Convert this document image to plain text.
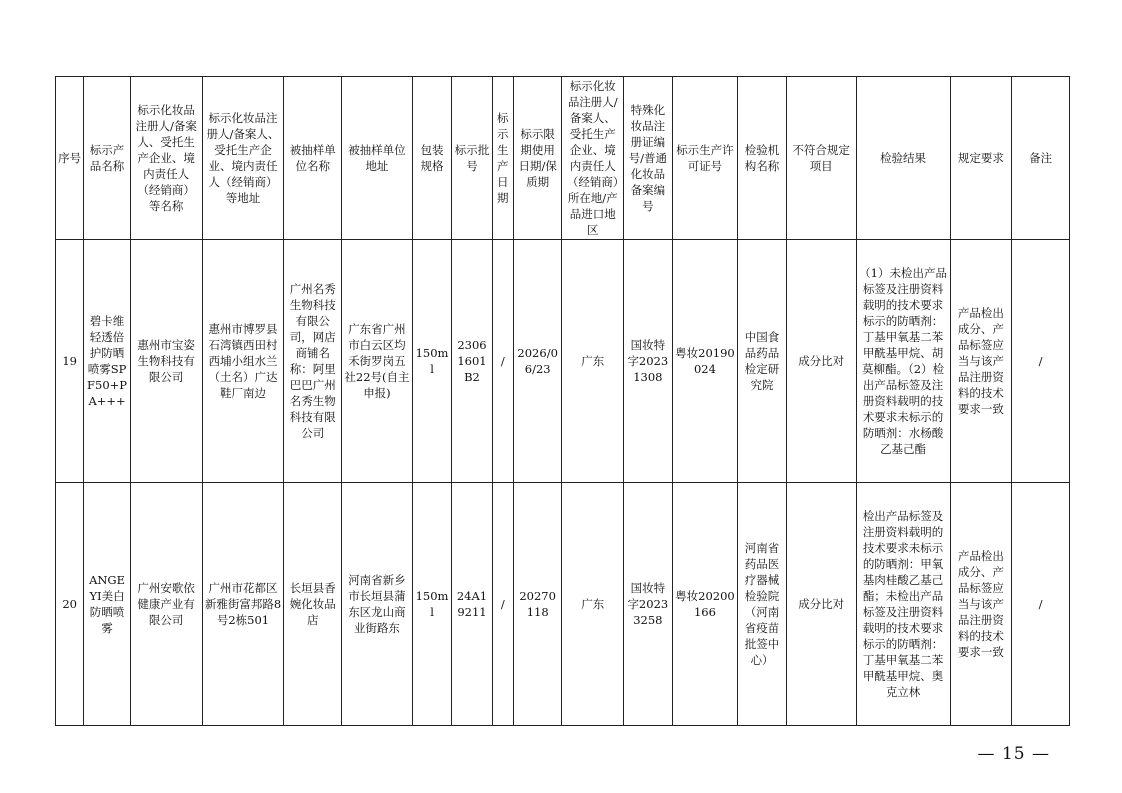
序号	标示产品名称	标示化妆品注册人/备案人、受托生产企业、境内责任人（经销商）等名称	标示化妆品注册人/备案人、受托生产企业、境内责任人（经销商）等地址	被抽样单位名称	被抽样单位地址	包装规格	标示批号	标示生产日期	标示限期使用日期/保质期	标示化妆品注册人/备案人、受托生产企业、境内责任人（经销商）所在地/产品进口地区	特殊化妆品注册证编号/普通化妆品备案编号	标示生产许可证号	检验机构名称	不符合规定项目	检验结果	规定要求	备注
19	碧卡维轻透倍护防晒喷雾SPF50+PA+++	惠州市宝姿生物科技有限公司	惠州市博罗县石湾镇西田村西埔小组水兰（土名）广达鞋厂南边	广州名秀生物科技有限公司，网店商铺名称：阿里巴巴广州名秀生物科技有限公司	广东省广州市白云区均禾街罗岗五社22号(自主申报)	150ml	23061601B2	/	2026/06/23	广东	国妆特字20231308	粤妆20190024	中国食品药品检定研究院	成分比对	（1）未检出产品标签及注册资料载明的技术要求标示的防晒剂：丁基甲氧基二苯甲酰基甲烷、胡莫柳酯。（2）检出产品标签及注册资料载明的技术要求未标示的防晒剂：水杨酸乙基己酯	产品检出成分、产品标签应当与该产品注册资料的技术要求一致	/
20	ANGEYI美白防晒喷雾	广州安歌依健康产业有限公司	广州市花都区新雅街富邦路8号2栋501	长垣县香婉化妆品店	河南省新乡市长垣县蒲东区龙山商业街路东	150ml	24A19211	/	20270118	广东	国妆特字20233258	粤妆20200166	河南省药品医疗器械检验院（河南省疫苗批签中心）	成分比对	检出产品标签及注册资料载明的技术要求未标示的防晒剂：甲氧基肉桂酸乙基己酯；未检出产品标签及注册资料载明的技术要求标示的防晒剂：丁基甲氧基二苯甲酰基甲烷、奥克立林	产品检出成分、产品标签应当与该产品注册资料的技术要求一致	/
— 15 —
